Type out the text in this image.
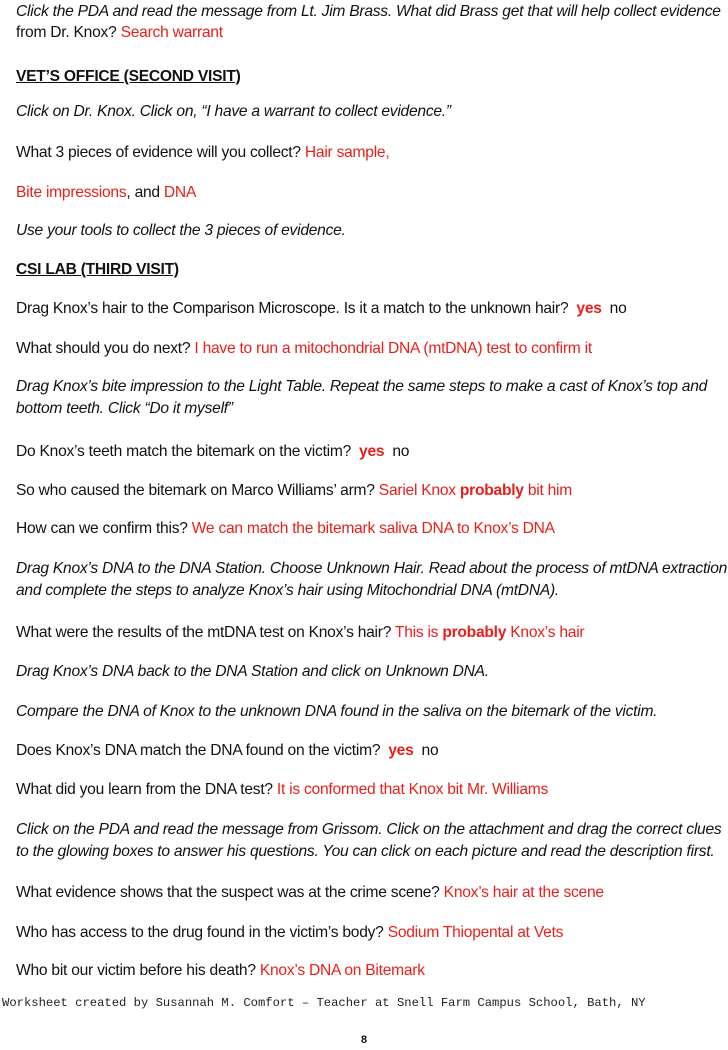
Click the PDA and read the message from Lt. Jim Brass. What did Brass get that will help collect evidence
from Dr. Knox? Search warrant
VET’S OFFICE (SECOND VISIT)
Click on Dr. Knox. Click on, “I have a warrant to collect evidence.”
What 3 pieces of evidence will you collect? Hair sample,
Bite impressions, and DNA
Use your tools to collect the 3 pieces of evidence.
CSI LAB (THIRD VISIT)
Drag Knox’s hair to the Comparison Microscope. Is it a match to the unknown hair? yes no
What should you do next? I have to run a mitochondrial DNA (mtDNA) test to confirm it
Drag Knox’s bite impression to the Light Table. Repeat the same steps to make a cast of Knox’s top and
bottom teeth. Click “Do it myself”
Do Knox’s teeth match the bitemark on the victim? yes no
So who caused the bitemark on Marco Williams’ arm? Sariel Knox probably bit him
How can we confirm this? We can match the bitemark saliva DNA to Knox’s DNA
Drag Knox’s DNA to the DNA Station. Choose Unknown Hair. Read about the process of mtDNA extraction
and complete the steps to analyze Knox’s hair using Mitochondrial DNA (mtDNA).
What were the results of the mtDNA test on Knox’s hair? This is probably Knox’s hair
Drag Knox’s DNA back to the DNA Station and click on Unknown DNA.
Compare the DNA of Knox to the unknown DNA found in the saliva on the bitemark of the victim.
Does Knox’s DNA match the DNA found on the victim? yes no
What did you learn from the DNA test? It is conformed that Knox bit Mr. Williams
Click on the PDA and read the message from Grissom. Click on the attachment and drag the correct clues
to the glowing boxes to answer his questions. You can click on each picture and read the description first.
What evidence shows that the suspect was at the crime scene? Knox’s hair at the scene
Who has access to the drug found in the victim’s body? Sodium Thiopental at Vets
Who bit our victim before his death? Knox’s DNA on Bitemark
Worksheet created by Susannah M. Comfort – Teacher at Snell Farm Campus School, Bath, NY
8
